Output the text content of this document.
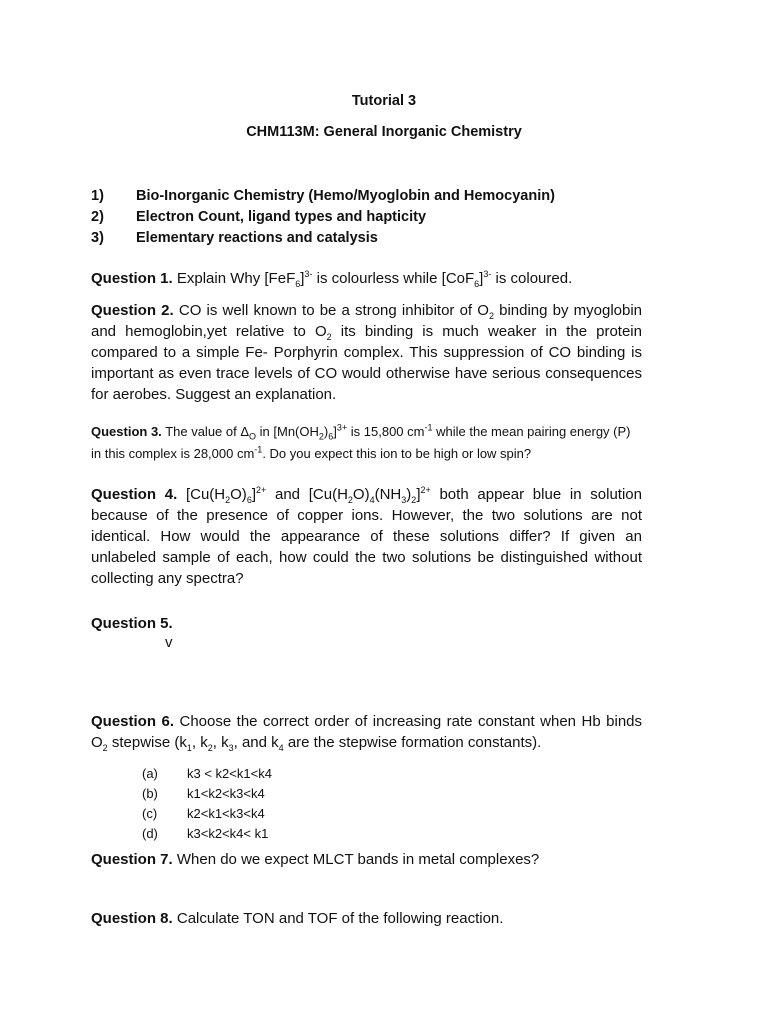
Tutorial 3
CHM113M: General Inorganic Chemistry
1)	Bio-Inorganic Chemistry (Hemo/Myoglobin and Hemocyanin)
2)	Electron Count, ligand types and hapticity
3)	Elementary reactions and catalysis
Question 1. Explain Why $[FeF_6]^{3-}$ is colourless while $[CoF_6]^{3-}$ is coloured.
Question 2. CO is well known to be a strong inhibitor of $O_2$ binding by myoglobin and hemoglobin,yet relative to $O_2$ its binding is much weaker in the protein compared to a simple Fe- Porphyrin complex. This suppression of CO binding is important as even trace levels of CO would otherwise have serious consequences for aerobes. Suggest an explanation.
Question 3. The value of $\Delta_O$ in $[Mn(OH_2)_6]^{3+}$ is 15,800 $cm^{-1}$ while the mean pairing energy (P) in this complex is 28,000 $cm^{-1}$. Do you expect this ion to be high or low spin?
Question 4. $[Cu(H_2O)_6]^{2+}$ and $[Cu(H_2O)_4(NH_3)_2]^{2+}$ both appear blue in solution because of the presence of copper ions. However, the two solutions are not identical. How would the appearance of these solutions differ? If given an unlabeled sample of each, how could the two solutions be distinguished without collecting any spectra?
Question 5.
v
Question 6. Choose the correct order of increasing rate constant when Hb binds $O_2$ stepwise ($k_1$, $k_2$, $k_3$, and $k_4$ are the stepwise formation constants).
(a)	k3 < k2<k1<k4
(b)	k1<k2<k3<k4
(c)	k2<k1<k3<k4
(d)	k3<k2<k4< k1
Question 7. When do we expect MLCT bands in metal complexes?
Question 8. Calculate TON and TOF of the following reaction.
